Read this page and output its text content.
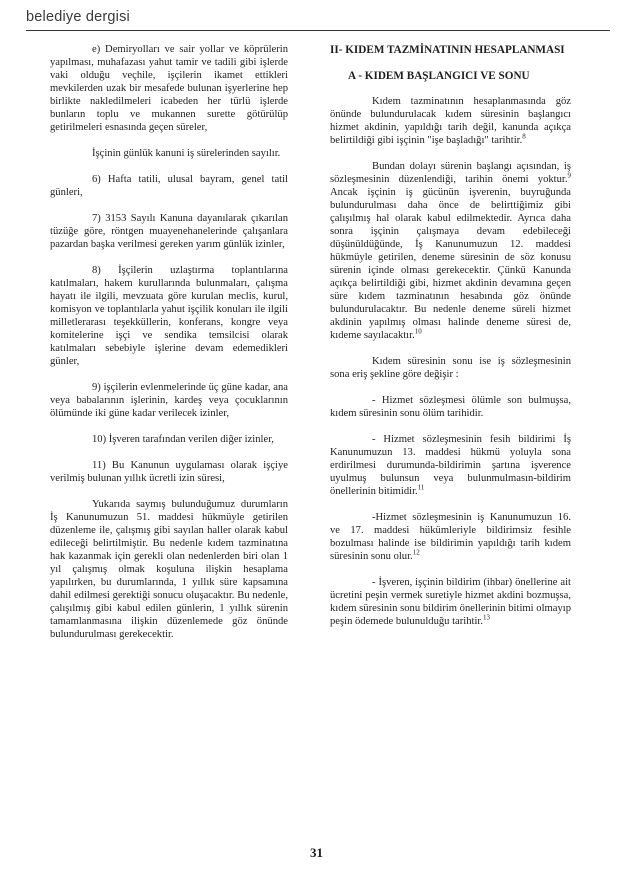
belediye dergisi

e) Demiryolları ve sair yollar ve köprülerin yapılması, muhafazası yahut tamir ve tadili gibi işlerde vaki olduğu veçhile, işçilerin ikamet ettikleri mevkilerden uzak bir mesafede bulunan işyerlerine hep birlikte nakledilmeleri icabeden her türlü işlerde bunların toplu ve mukannen surette götürülüp getirilmeleri esnasında geçen süreler,

İşçinin günlük kanuni iş sürelerinden sayılır.

6) Hafta tatili, ulusal bayram, genel tatil günleri,

7) 3153 Sayılı Kanuna dayanılarak çıkarılan tüzüğe göre, röntgen muayenehanelerinde çalışanlara pazardan başka verilmesi gereken yarım günlük izinler,

8) İşçilerin uzlaştırma toplantılarına katılmaları, hakem kurullarında bulunmaları, çalışma hayatı ile ilgili, mevzuata göre kurulan meclis, kurul, komisyon ve toplantılarla yahut işçilik konuları ile ilgili milletlerarası teşekküllerin, konferans, kongre veya komitelerine işçi ve sendika temsilcisi olarak katılmaları sebebiyle işlerine devam edemedikleri günler,

9) işçilerin evlenmelerinde üç güne kadar, ana veya babalarının işlerinin, kardeş veya çocuklarının ölümünde iki güne kadar verilecek izinler,

10) İşveren tarafından verilen diğer izinler,

11) Bu Kanunun uygulaması olarak işçiye verilmiş bulunan yıllık ücretli izin süresi,

Yukarıda saymış bulunduğumuz durumların İş Kanunumuzun 51. maddesi hükmüyle getirilen düzenleme ile, çalışmış gibi sayılan haller olarak kabul edileceği belirtilmiştir. Bu nedenle kıdem tazminatına hak kazanmak için gerekli olan nedenlerden biri olan 1 yıl çalışmış olmak koşuluna ilişkin hesaplama yapılırken, bu durumlarında, 1 yıllık süre kapsamına dahil edilmesi gerektiği sonucu oluşacaktır. Bu nedenle, çalışılmış gibi kabul edilen günlerin, 1 yıllık sürenin tamamlanmasına ilişkin düzenlemede göz önünde bulundurulması gerekecektir.

II- KIDEM TAZMİNATININ HESAPLANMASI
A - KIDEM BAŞLANGICI VE SONU

Kıdem tazminatının hesaplanmasında göz önünde bulundurulacak kıdem süresinin başlangıcı hizmet akdinin, yapıldığı tarih değil, kanunda açıkça belirtildiği gibi işçinin "işe başladığı" tarihtir.$^8$

Bundan dolayı sürenin başlangı açısından, iş sözleşmesinin düzenlendiği, tarihin önemi yoktur.$^9$ Ancak işçinin iş gücünün işverenin, buyruğunda bulundurulması daha önce de belirttiğimiz gibi çalışılmış hal olarak kabul edilmektedir. Ayrıca daha sonra işçinin çalışmaya devam edebileceği düşünüldüğünde, İş Kanunumuzun 12. maddesi hükmüyle getirilen, deneme süresinin de söz konusu sürenin içinde olması gerekecektir. Çünkü Kanunda açıkça belirtildiği gibi, hizmet akdinin devamına geçen süre kıdem tazminatının hesabında göz önünde bulundurulacaktır. Bu nedenle deneme süreli hizmet akdinin yapılmış olması halinde deneme süresi de, kıdeme sayılacaktır.$^{10}$

Kıdem süresinin sonu ise iş sözleşmesinin sona eriş şekline göre değişir :

- Hizmet sözleşmesi ölümle son bulmuşsa, kıdem süresinin sonu ölüm tarihidir.

- Hizmet sözleşmesinin fesih bildirimi İş Kanunumuzun 13. maddesi hükmü yoluyla sona erdirilmesi durumunda-bildirimin şartına işverence uyulmuş bulunsun veya bulunmulmasın-bildirim önellerinin bitimidir.$^{11}$

-Hizmet sözleşmesinin iş Kanunumuzun 16. ve 17. maddesi hükümleriyle bildirimsiz fesihle bozulması halinde ise bildirimin yapıldığı tarih kıdem süresinin sonu olur.$^{12}$

- İşveren, işçinin bildirim (ihbar) önellerine ait ücretini peşin vermek suretiyle hizmet akdini bozmuşsa, kıdem süresinin sonu bildirim önellerinin bitimi olmayıp peşin ödemede bulunulduğu tarihtir.$^{13}$

31
